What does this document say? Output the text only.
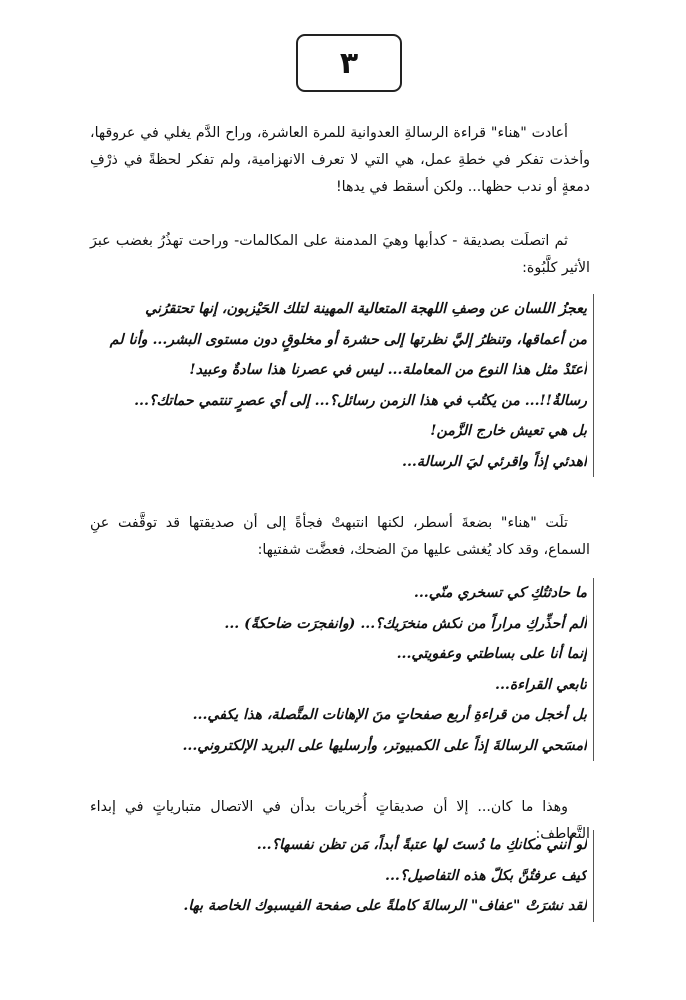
٣
أعادت "هناء" قراءة الرسالةِ العدوانية للمرة العاشرة، وراح الدَّم يغلي في عروقها، وأخذت تفكر في خطةِ عمل، هي التي لا تعرف الانهزامية، ولم تفكر لحظةً في ذرْفِ دمعةٍ أو ندب حظها... ولكن أسقط في يدها!
ثم اتصلَت بصديقة - كدأبها وهيَ المدمنة على المكالمات- وراحت تهذُرُ بغضب عبرَ الأثير كلَّبُوة:
يعجزُ اللسان عن وصفِ اللهجة المتعالية المهينة لتلك الحَيْزبون، إنها تحتقرُني
من أعماقها، وتنظرُ إليَّ نظرتها إلى حشرة أو مخلوقٍ دون مستوى البشر... وأنا لم
أعتَدْ مثل هذا النوع من المعاملة... ليس في عصرنا هذا سادةٌ وعبيد!
رسالةٌ!!... من يكتُب في هذا الزمن رسائل؟... إلى أي عصرٍ تنتمي حماتك؟...
بل هي تعيش خارج الزَّمن!
اهدئي إذاً واقرئي ليَ الرسالة...
تلَت "هناء" بضعةَ أسطر، لكنها انتبهتْ فجأةً إلى أن صديقتها قد توقَّفت عنِ السماع، وقد كاد يُغشى عليها منَ الضحك، فعضَّت شفتيها:
ما حادثتُكِ كي تسخري منّي...
ألم أحذِّركِ مراراً من نكش منخرَيك؟... (وانفجرَت ضاحكةً) ...
إنما أنا على بساطتي وعفويتي...
تابعي القراءة...
بل أخجل من قراءةِ أربع صفحاتٍ منَ الإهانات المتَّصلة، هذا يكفي...
امسَحي الرسالةَ إذاً على الكمبيوتر، وأرسليها على البريد الإلكتروني...
وهذا ما كان... إلا أن صديقاتٍ أُخريات بدأن في الاتصال متبارياتٍ في إبداء التَّعاطف:
لو أنني مكانكِ ما دُستَ لها عتبةً أبداً، مَن تظن نفسها؟...
كيف عرفتُنَّ بكلّ هذه التفاصيل؟...
لقد نشرَتْ "عفاف" الرسالةَ كاملةً على صفحة الفيسبوك الخاصة بها.
